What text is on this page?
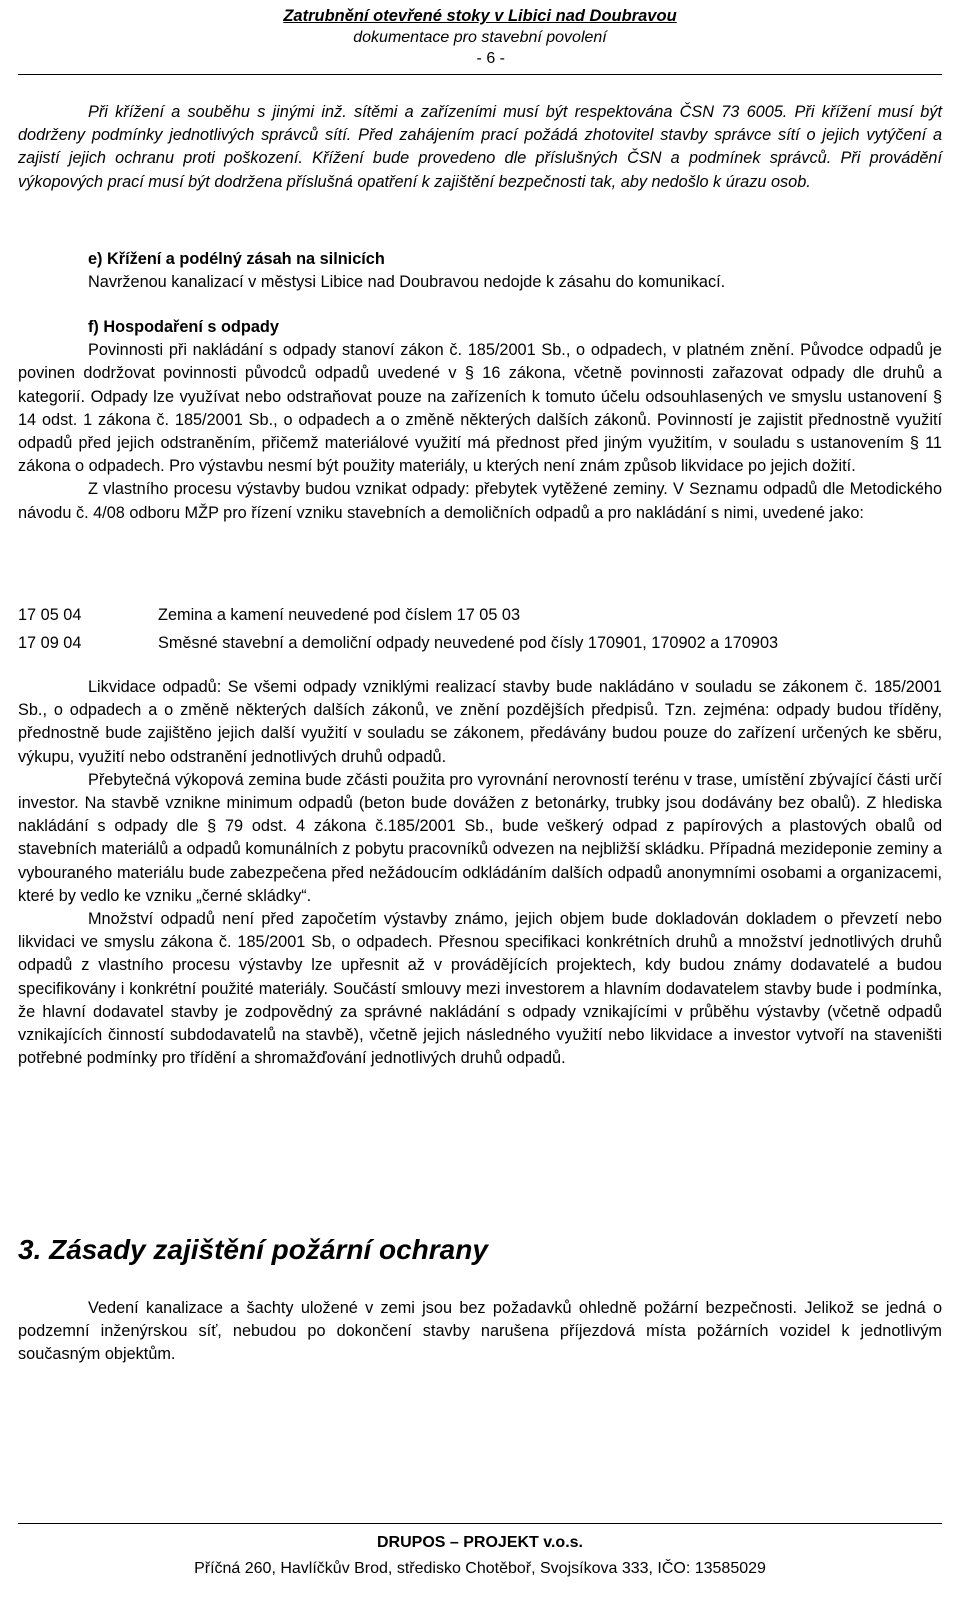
Zatrubnění otevřené stoky v Libici nad Doubravou
dokumentace pro stavební povolení
- 6 -

Při křížení a souběhu s jinými inž. sítěmi a zařízeními musí být respektována ČSN 73 6005. Při křížení musí být dodrženy podmínky jednotlivých správců sítí. Před zahájením prací požádá zhotovitel stavby správce sítí o jejich vytýčení a zajistí jejich ochranu proti poškození. Křížení bude provedeno dle příslušných ČSN a podmínek správců. Při provádění výkopových prací musí být dodržena příslušná opatření k zajištění bezpečnosti tak, aby nedošlo k úrazu osob.

e) Křížení a podélný zásah na silnicích

Navrženou kanalizací v městysi Libice nad Doubravou nedojde k zásahu do komunikací.

f) Hospodaření s odpady

Povinnosti při nakládání s odpady stanoví zákon č. 185/2001 Sb., o odpadech, v platném znění. Původce odpadů je povinen dodržovat povinnosti původců odpadů uvedené v § 16 zákona, včetně povinnosti zařazovat odpady dle druhů a kategorií. Odpady lze využívat nebo odstraňovat pouze na zařízeních k tomuto účelu odsouhlasených ve smyslu ustanovení § 14 odst. 1 zákona č. 185/2001 Sb., o odpadech a o změně některých dalších zákonů. Povinností je zajistit přednostně využití odpadů před jejich odstraněním, přičemž materiálové využití má přednost před jiným využitím, v souladu s ustanovením § 11 zákona o odpadech. Pro výstavbu nesmí být použity materiály, u kterých není znám způsob likvidace po jejich dožití.

Z vlastního procesu výstavby budou vznikat odpady: přebytek vytěžené zeminy. V Seznamu odpadů dle Metodického návodu č. 4/08 odboru MŽP pro řízení vzniku stavebních a demoličních odpadů a pro nakládání s nimi, uvedené jako:

17 05 04	Zemina a kamení neuvedené pod číslem 17 05 03
17 09 04	Směsné stavební a demoliční odpady neuvedené pod čísly 170901, 170902 a 170903

Likvidace odpadů: Se všemi odpady vzniklými realizací stavby bude nakládáno v souladu se zákonem č. 185/2001 Sb., o odpadech a o změně některých dalších zákonů, ve znění pozdějších předpisů. Tzn. zejména: odpady budou tříděny, přednostně bude zajištěno jejich další využití v souladu se zákonem, předávány budou pouze do zařízení určených ke sběru, výkupu, využití nebo odstranění jednotlivých druhů odpadů.

Přebytečná výkopová zemina bude zčásti použita pro vyrovnání nerovností terénu v trase, umístění zbývající části určí investor. Na stavbě vznikne minimum odpadů (beton bude dovážen z betonárky, trubky jsou dodávány bez obalů). Z hlediska nakládání s odpady dle § 79 odst. 4 zákona č.185/2001 Sb., bude veškerý odpad z papírových a plastových obalů od stavebních materiálů a odpadů komunálních z pobytu pracovníků odvezen na nejbližší skládku. Případná mezideponie zeminy a vybouraného materiálu bude zabezpečena před nežádoucím odkládáním dalších odpadů anonymními osobami a organizacemi, které by vedlo ke vzniku „černé skládky“.

Množství odpadů není před započetím výstavby známo, jejich objem bude dokladován dokladem o převzetí nebo likvidaci ve smyslu zákona č. 185/2001 Sb, o odpadech. Přesnou specifikaci konkrétních druhů a množství jednotlivých druhů odpadů z vlastního procesu výstavby lze upřesnit až v provádějících projektech, kdy budou známy dodavatelé a budou specifikovány i konkrétní použité materiály. Součástí smlouvy mezi investorem a hlavním dodavatelem stavby bude i podmínka, že hlavní dodavatel stavby je zodpovědný za správné nakládání s odpady vznikajícími v průběhu výstavby (včetně odpadů vznikajících činností subdodavatelů na stavbě), včetně jejich následného využití nebo likvidace a investor vytvoří na staveništi potřebné podmínky pro třídění a shromažďování jednotlivých druhů odpadů.

3. Zásady zajištění požární ochrany

Vedení kanalizace a šachty uložené v zemi jsou bez požadavků ohledně požární bezpečnosti. Jelikož se jedná o podzemní inženýrskou síť, nebudou po dokončení stavby narušena příjezdová místa požárních vozidel k jednotlivým současným objektům.

DRUPOS – PROJEKT v.o.s.
Příčná 260, Havlíčkův Brod, středisko Chotěboř, Svojsíkova 333, IČO: 13585029
